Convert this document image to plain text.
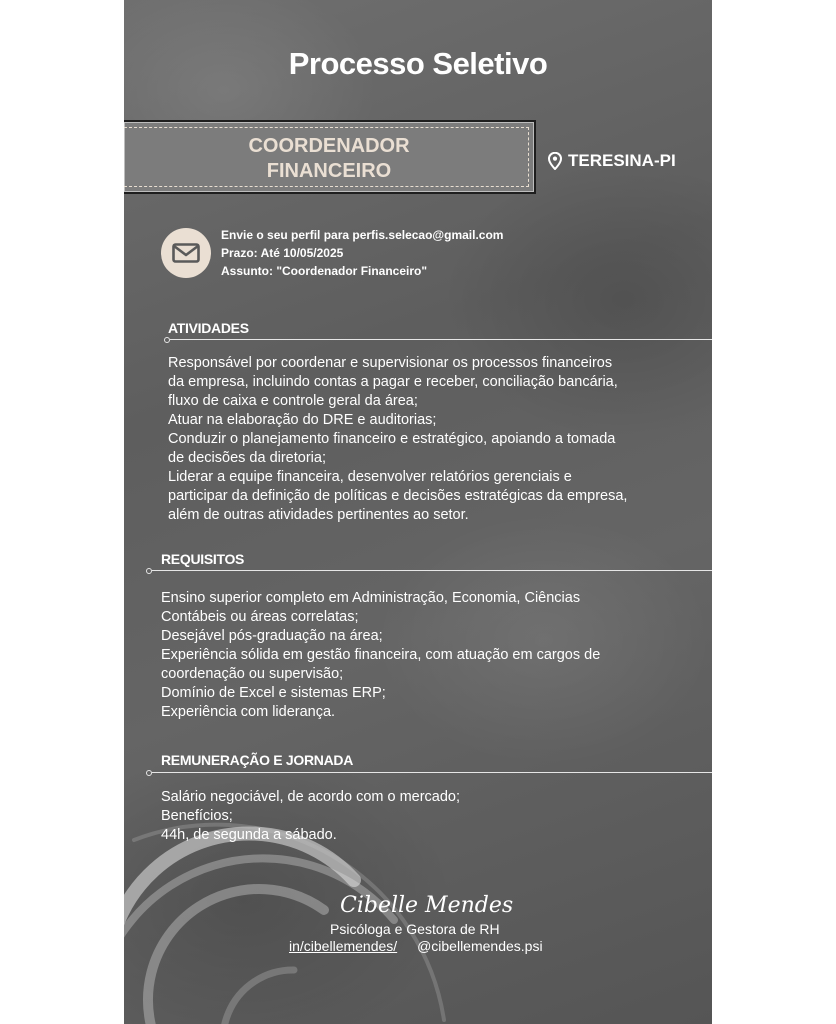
Processo Seletivo
COORDENADOR
FINANCEIRO	TERESINA-PI
Envie o seu perfil para perfis.selecao@gmail.com
Prazo: Até 10/05/2025
Assunto: "Coordenador Financeiro"
ATIVIDADES
Responsável por coordenar e supervisionar os processos financeiros
da empresa, incluindo contas a pagar e receber, conciliação bancária,
fluxo de caixa e controle geral da área;
Atuar na elaboração do DRE e auditorias;
Conduzir o planejamento financeiro e estratégico, apoiando a tomada
de decisões da diretoria;
Liderar a equipe financeira, desenvolver relatórios gerenciais e
participar da definição de políticas e decisões estratégicas da empresa,
além de outras atividades pertinentes ao setor.
REQUISITOS
Ensino superior completo em Administração, Economia, Ciências
Contábeis ou áreas correlatas;
Desejável pós-graduação na área;
Experiência sólida em gestão financeira, com atuação em cargos de
coordenação ou supervisão;
Domínio de Excel e sistemas ERP;
Experiência com liderança.
REMUNERAÇÃO E JORNADA
Salário negociável, de acordo com o mercado;
Benefícios;
44h, de segunda a sábado.
Cibelle Mendes
Psicóloga e Gestora de RH
in/cibellemendes/ @cibellemendes.psi
